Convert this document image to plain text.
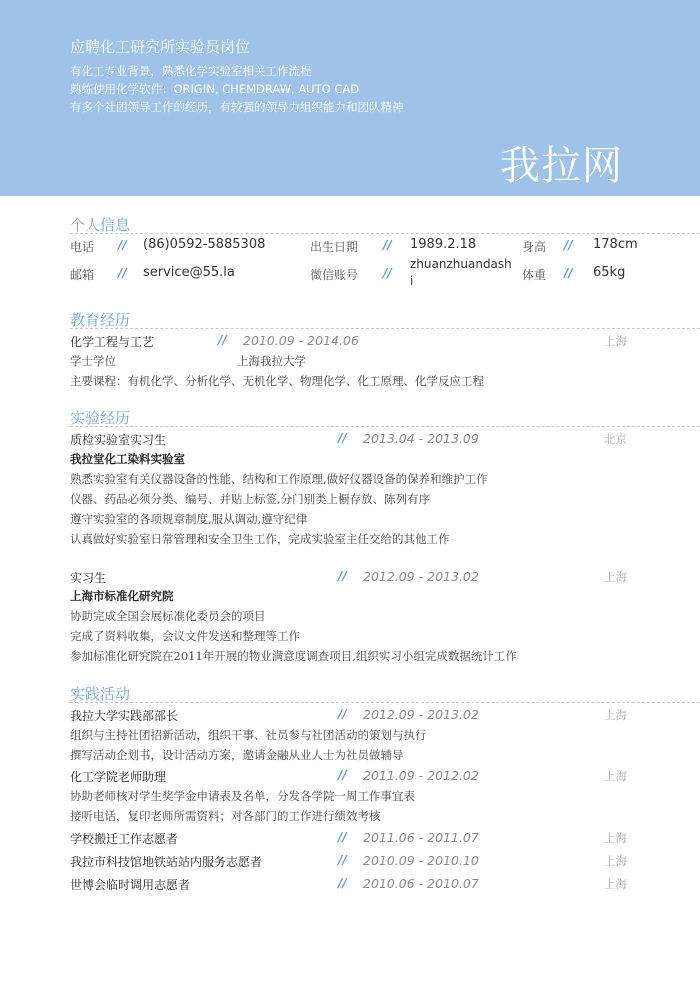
应聘化工研究所实验员岗位
有化工专业背景，熟悉化学实验室相关工作流程
熟练使用化学软件：ORIGIN, CHEMDRAW, AUTO CAD
有多个社团领导工作的经历，有较强的领导力组织能力和团队精神
我拉网
个人信息
电话 // (86)0592-5885308	出生日期 // 1989.2.18	身高 // 178cm
邮箱 // service@55.la	微信账号 //
zhuanzhuandashi	体重 // 65kg
教育经历
化学工程与工艺	// 2010.09 - 2014.06	上海
学士学位	上海我拉大学
主要课程：有机化学、分析化学、无机化学、物理化学、化工原理、化学反应工程
实验经历
质检实验室实习生	// 2013.04 - 2013.09	北京
我拉堂化工染料实验室
熟悉实验室有关仪器设备的性能、结构和工作原理,做好仪器设备的保养和维护工作
仪器、药品必须分类、编号、并贴上标签,分门别类上橱存放、陈列有序
遵守实验室的各项规章制度,服从调动,遵守纪律
认真做好实验室日常管理和安全卫生工作，完成实验室主任交给的其他工作
实习生	// 2012.09 - 2013.02	上海
上海市标准化研究院
协助完成全国会展标准化委员会的项目
完成了资料收集，会议文件发送和整理等工作
参加标准化研究院在2011年开展的物业满意度调查项目,组织实习小组完成数据统计工作
实践活动
我拉大学实践部部长	// 2012.09 - 2013.02	上海
组织与主持社团招新活动，组织干事、社员参与社团活动的策划与执行
撰写活动企划书，设计活动方案，邀请金融从业人士为社员做辅导
化工学院老师助理	// 2011.09 - 2012.02	上海
协助老师核对学生奖学金申请表及名单，分发各学院一周工作事宜表
接听电话，复印老师所需资料；对各部门的工作进行绩效考核
学校搬迁工作志愿者	// 2011.06 - 2011.07	上海
我拉市科技馆地铁站站内服务志愿者	// 2010.09 - 2010.10	上海
世博会临时调用志愿者	// 2010.06 - 2010.07	上海
